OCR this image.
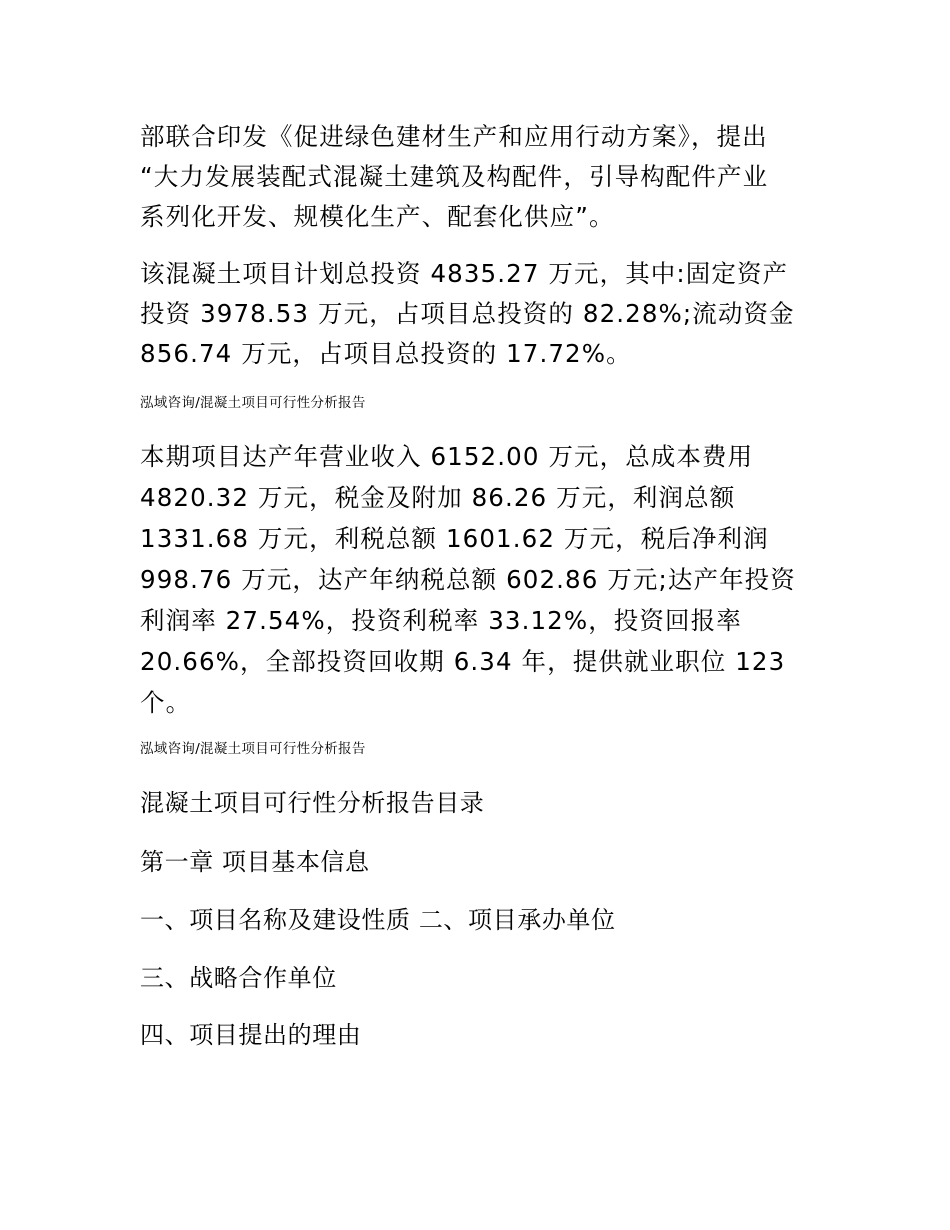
部联合印发《促进绿色建材生产和应用行动方案》，提出
“大力发展装配式混凝土建筑及构配件，引导构配件产业
系列化开发、规模化生产、配套化供应”。
该混凝土项目计划总投资 4835.27 万元，其中:固定资产
投资 3978.53 万元，占项目总投资的 82.28%;流动资金
856.74 万元，占项目总投资的 17.72%。
泓域咨询/混凝土项目可行性分析报告
本期项目达产年营业收入 6152.00 万元，总成本费用
4820.32 万元，税金及附加 86.26 万元，利润总额
1331.68 万元，利税总额 1601.62 万元，税后净利润
998.76 万元，达产年纳税总额 602.86 万元;达产年投资
利润率 27.54%，投资利税率 33.12%，投资回报率
20.66%，全部投资回收期 6.34 年，提供就业职位 123
个。
泓域咨询/混凝土项目可行性分析报告
混凝土项目可行性分析报告目录
第一章 项目基本信息
一、项目名称及建设性质 二、项目承办单位
三、战略合作单位
四、项目提出的理由
